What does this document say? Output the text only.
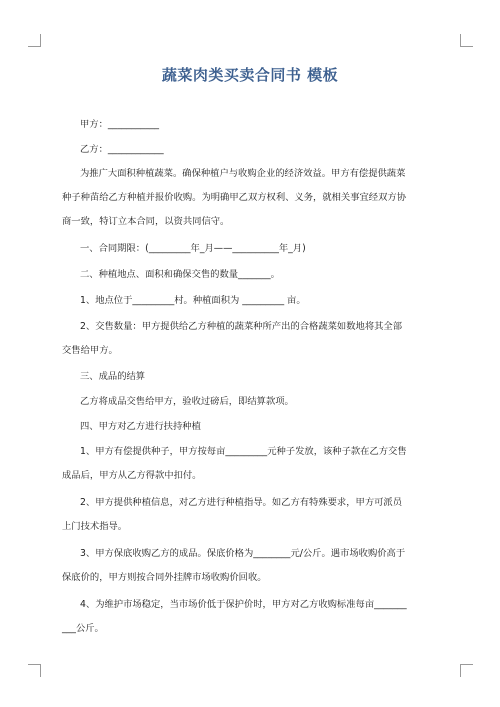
蔬菜肉类买卖合同书 模板
甲方：___________
乙方：____________
为推广大面积种植蔬菜。确保种植户与收购企业的经济效益。甲方有偿提供蔬菜
种子种苗给乙方种植并报价收购。为明确甲乙双方权利、义务，就相关事宜经双方协
商一致，特订立本合同，以资共同信守。
一、合同期限：(_________年_月——__________年_月)
二、种植地点、面积和确保交售的数量_______。
1、地点位于_________村。种植面积为 _________ 亩。
2、交售数量：甲方提供给乙方种植的蔬菜种所产出的合格蔬菜如数地将其全部
交售给甲方。
三、成品的结算
乙方将成品交售给甲方，验收过磅后，即结算款项。
四、甲方对乙方进行扶持种植
1、甲方有偿提供种子，甲方按每亩_________元种子发放，该种子款在乙方交售
成品后，甲方从乙方得款中扣付。
2、甲方提供种植信息，对乙方进行种植指导。如乙方有特殊要求，甲方可派员
上门技术指导。
3、甲方保底收购乙方的成品。保底价格为________元/公斤。遇市场收购价高于
保底价的，甲方则按合同外挂牌市场收购价回收。
4、为维护市场稳定，当市场价低于保护价时，甲方对乙方收购标准每亩_______
___公斤。
